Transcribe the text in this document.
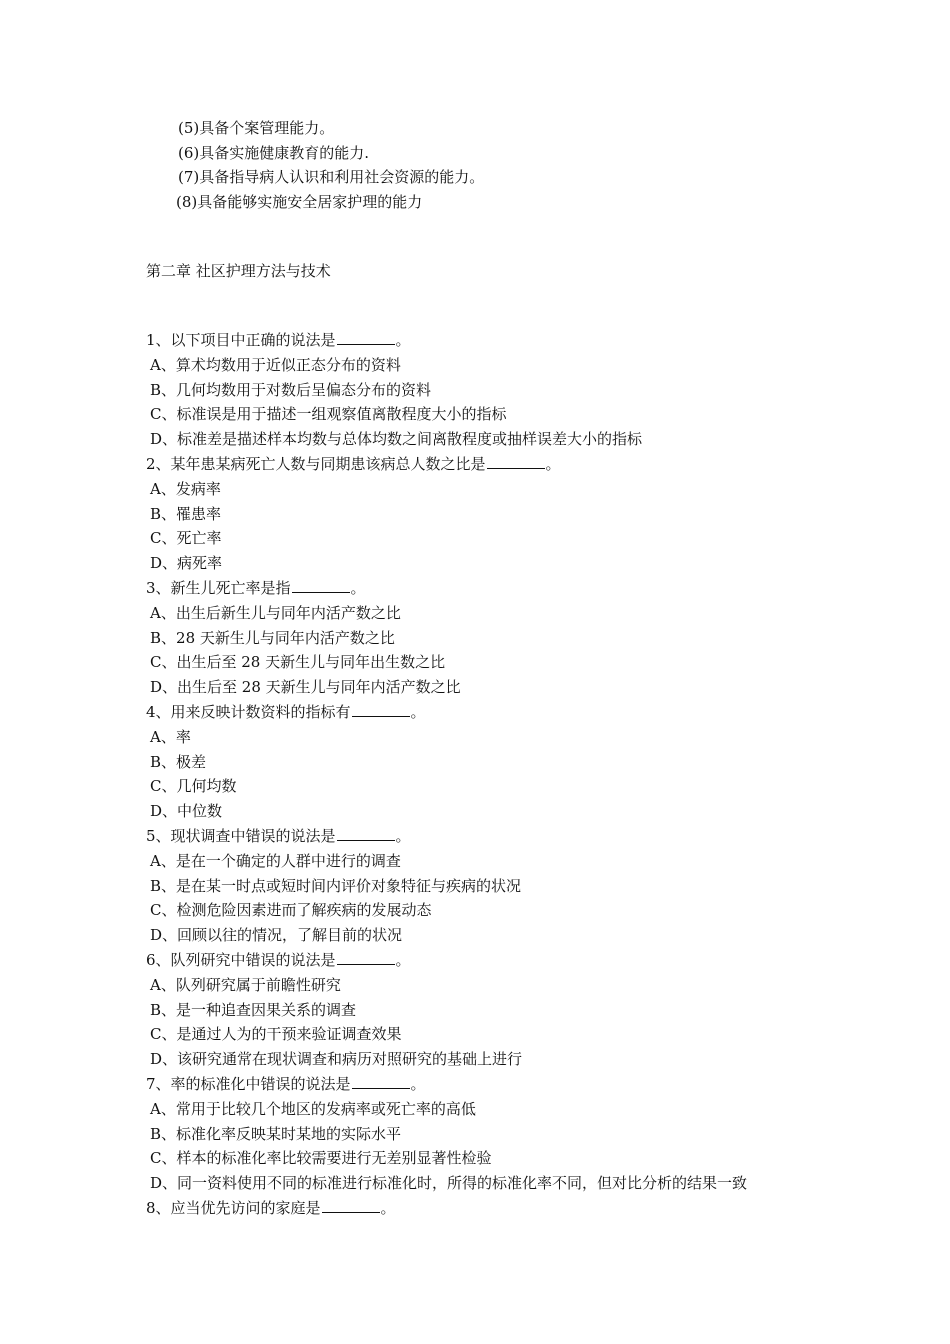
(5)具备个案管理能力。
(6)具备实施健康教育的能力.
(7)具备指导病人认识和利用社会资源的能力。
(8)具备能够实施安全居家护理的能力
第二章 社区护理方法与技术
1、以下项目中正确的说法是	。
A、算术均数用于近似正态分布的资料
B、几何均数用于对数后呈偏态分布的资料
C、标准误是用于描述一组观察值离散程度大小的指标
D、标准差是描述样本均数与总体均数之间离散程度或抽样误差大小的指标
2、某年患某病死亡人数与同期患该病总人数之比是	。
A、发病率
B、罹患率
C、死亡率
D、病死率
3、新生儿死亡率是指	。
A、出生后新生儿与同年内活产数之比
B、28 天新生儿与同年内活产数之比
C、出生后至 28 天新生儿与同年出生数之比
D、出生后至 28 天新生儿与同年内活产数之比
4、用来反映计数资料的指标有	。
A、率
B、极差
C、几何均数
D、中位数
5、现状调查中错误的说法是	。
A、是在一个确定的人群中进行的调查
B、是在某一时点或短时间内评价对象特征与疾病的状况
C、检测危险因素进而了解疾病的发展动态
D、回顾以往的情况，了解目前的状况
6、队列研究中错误的说法是	。
A、队列研究属于前瞻性研究
B、是一种追查因果关系的调查
C、是通过人为的干预来验证调查效果
D、该研究通常在现状调查和病历对照研究的基础上进行
7、率的标准化中错误的说法是	。
A、常用于比较几个地区的发病率或死亡率的高低
B、标准化率反映某时某地的实际水平
C、样本的标准化率比较需要进行无差别显著性检验
D、同一资料使用不同的标准进行标准化时，所得的标准化率不同，但对比分析的结果一致
8、应当优先访问的家庭是	。
